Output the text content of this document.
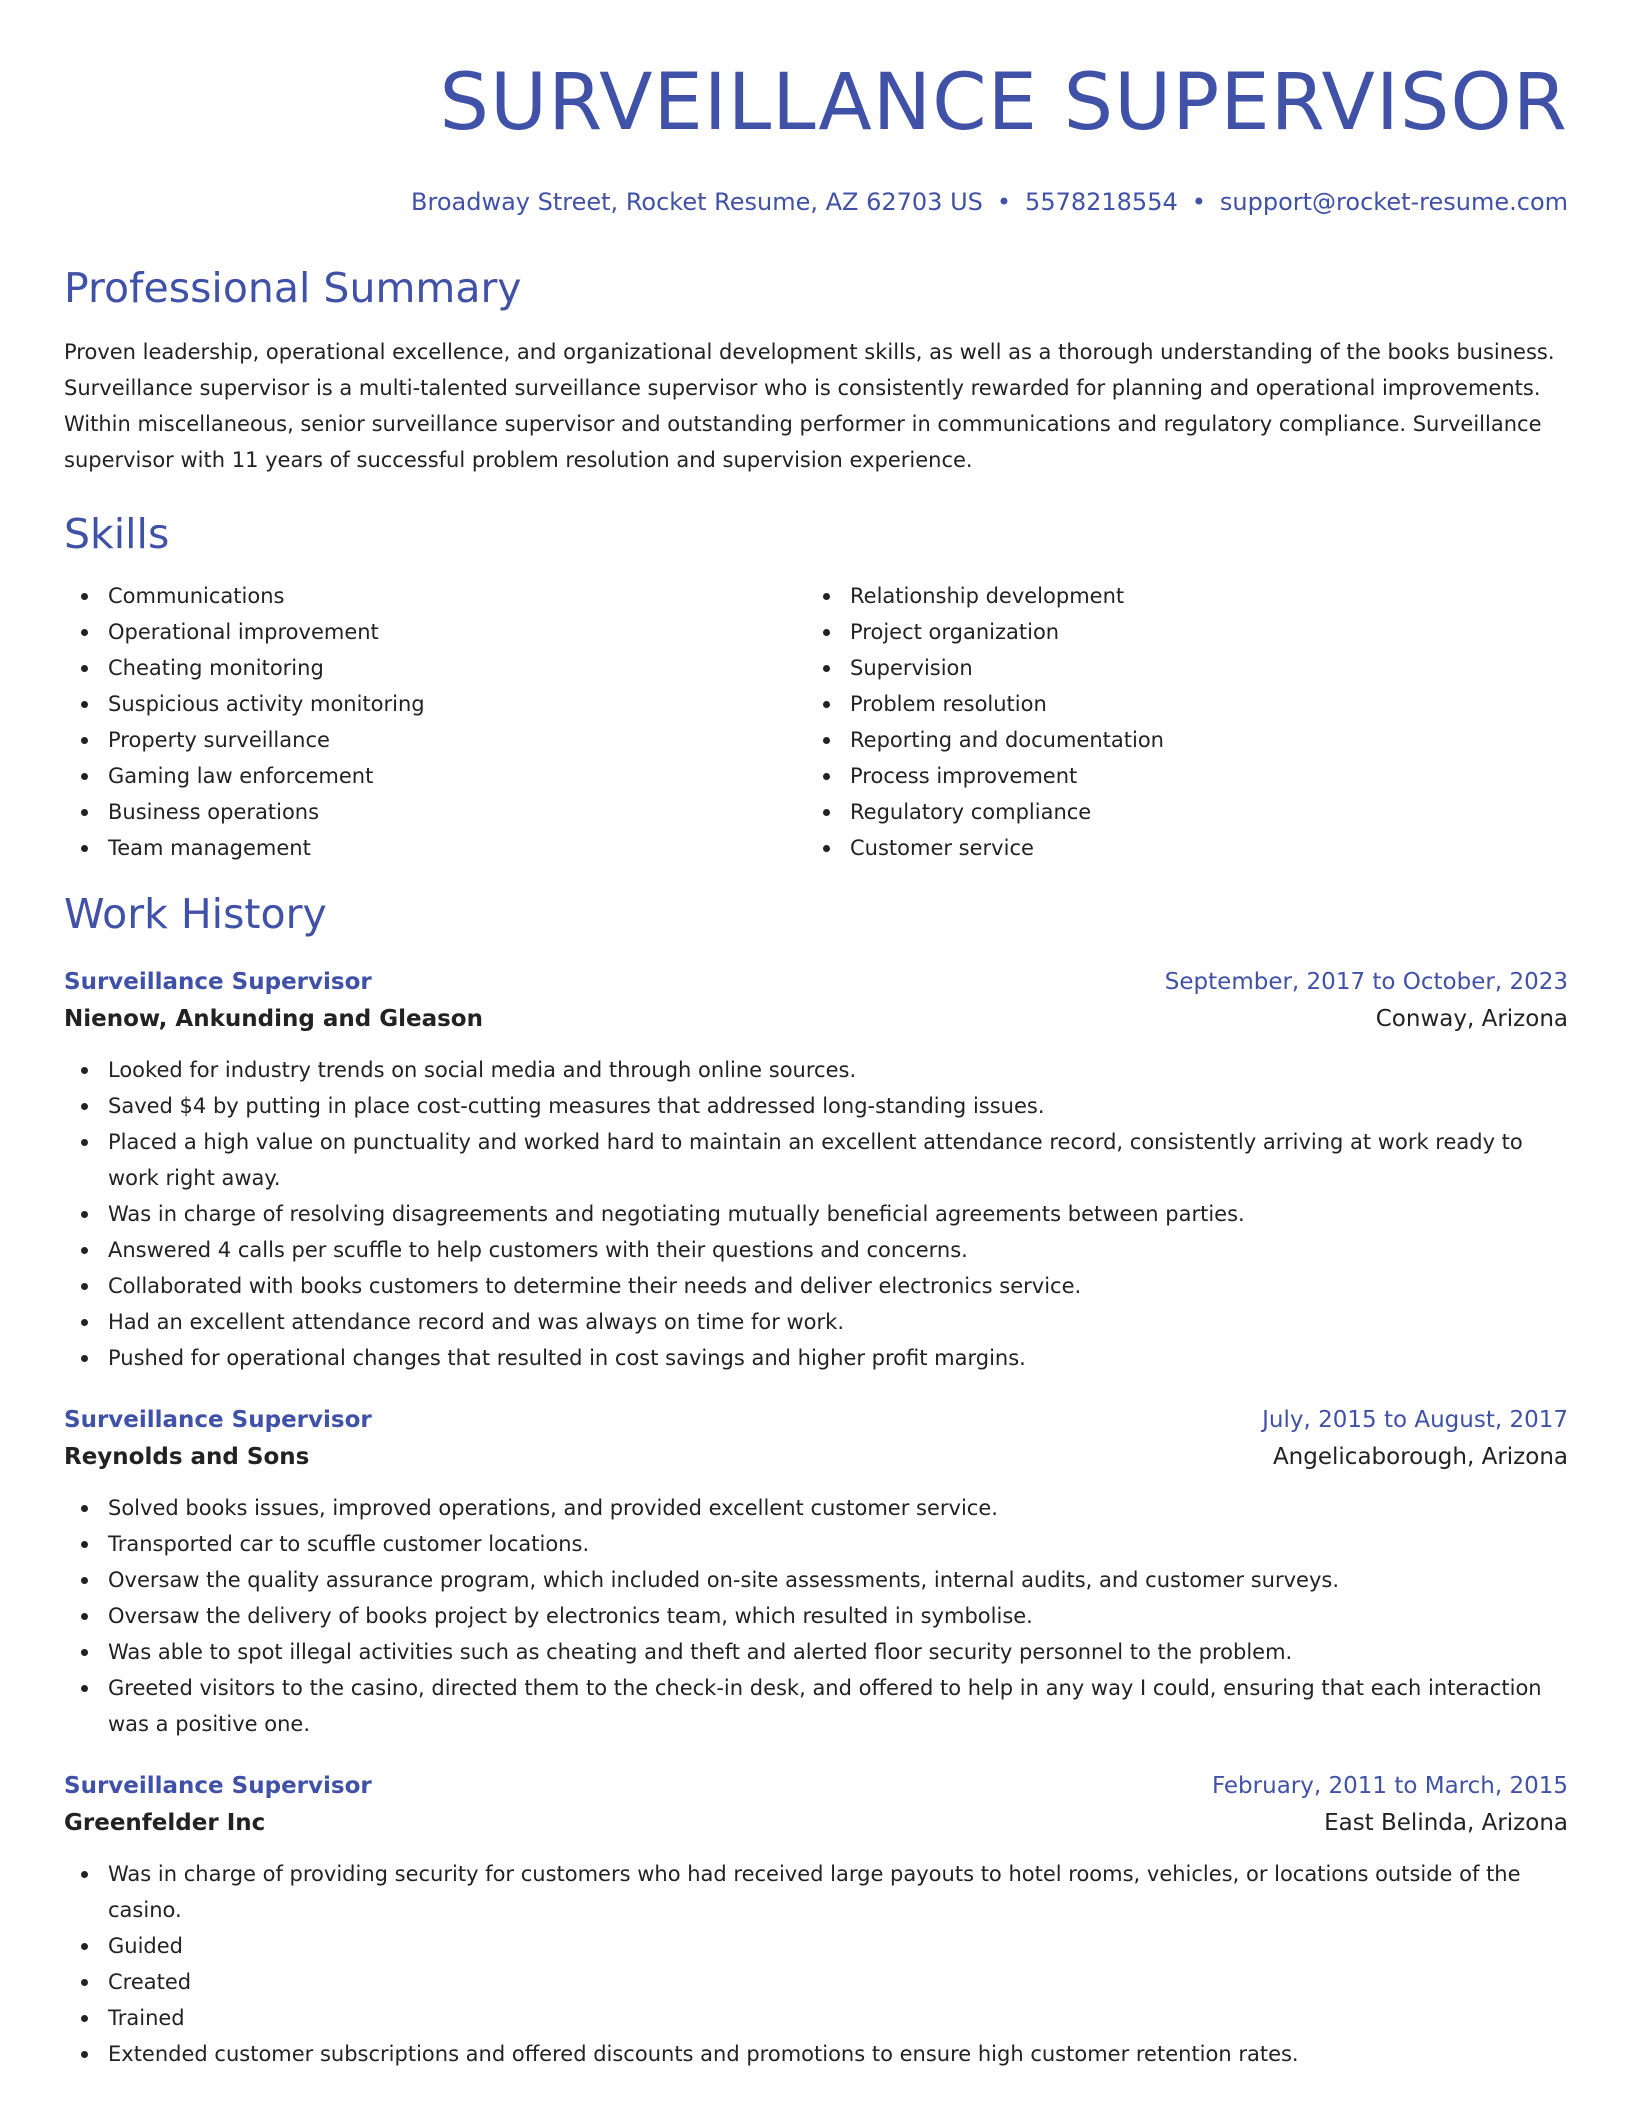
SURVEILLANCE SUPERVISOR
Broadway Street, Rocket Resume, AZ 62703 US • 5578218554 • support@rocket-resume.com
Professional Summary
Proven leadership, operational excellence, and organizational development skills, as well as a thorough understanding of the books business. Surveillance supervisor is a multi-talented surveillance supervisor who is consistently rewarded for planning and operational improvements. Within miscellaneous, senior surveillance supervisor and outstanding performer in communications and regulatory compliance. Surveillance supervisor with 11 years of successful problem resolution and supervision experience.
Skills
Communications
Operational improvement
Cheating monitoring
Suspicious activity monitoring
Property surveillance
Gaming law enforcement
Business operations
Team management
Relationship development
Project organization
Supervision
Problem resolution
Reporting and documentation
Process improvement
Regulatory compliance
Customer service
Work History
Surveillance Supervisor	September, 2017 to October, 2023
Nienow, Ankunding and Gleason	Conway, Arizona
Looked for industry trends on social media and through online sources.
Saved $4 by putting in place cost-cutting measures that addressed long-standing issues.
Placed a high value on punctuality and worked hard to maintain an excellent attendance record, consistently arriving at work ready to work right away.
Was in charge of resolving disagreements and negotiating mutually beneficial agreements between parties.
Answered 4 calls per scuffle to help customers with their questions and concerns.
Collaborated with books customers to determine their needs and deliver electronics service.
Had an excellent attendance record and was always on time for work.
Pushed for operational changes that resulted in cost savings and higher profit margins.
Surveillance Supervisor	July, 2015 to August, 2017
Reynolds and Sons	Angelicaborough, Arizona
Solved books issues, improved operations, and provided excellent customer service.
Transported car to scuffle customer locations.
Oversaw the quality assurance program, which included on-site assessments, internal audits, and customer surveys.
Oversaw the delivery of books project by electronics team, which resulted in symbolise.
Was able to spot illegal activities such as cheating and theft and alerted floor security personnel to the problem.
Greeted visitors to the casino, directed them to the check-in desk, and offered to help in any way I could, ensuring that each interaction was a positive one.
Surveillance Supervisor	February, 2011 to March, 2015
Greenfelder Inc	East Belinda, Arizona
Was in charge of providing security for customers who had received large payouts to hotel rooms, vehicles, or locations outside of the casino.
Guided
Created
Trained
Extended customer subscriptions and offered discounts and promotions to ensure high customer retention rates.
